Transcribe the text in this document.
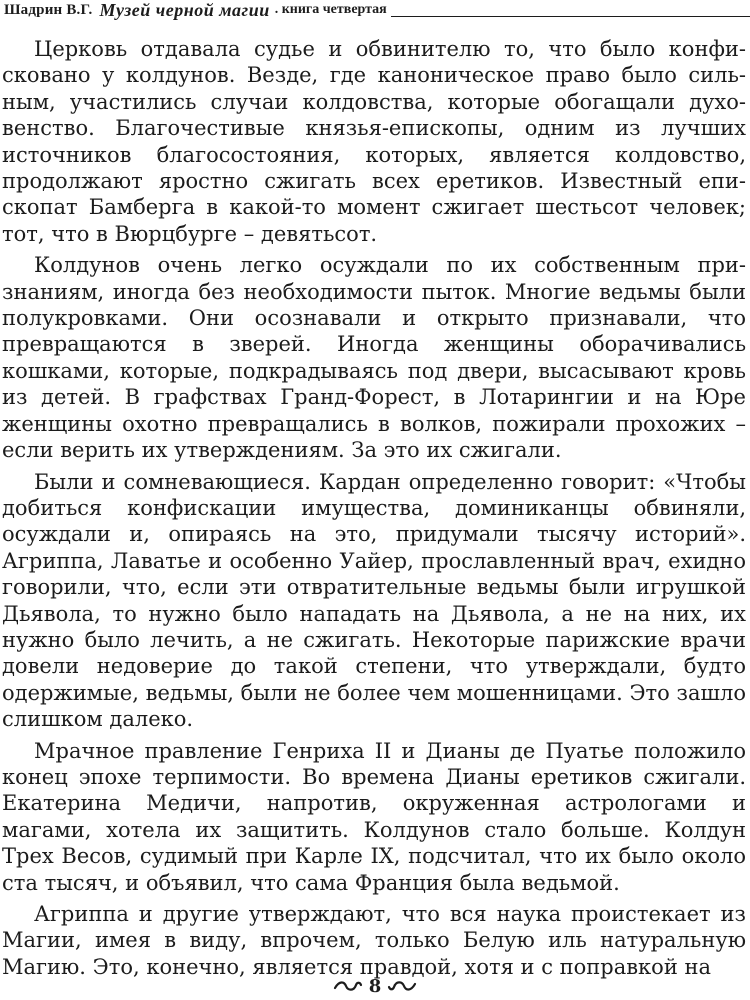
Шадрин В.Г. Музей черной магии . книга четвертая

Церковь отдавала судье и обвинителю то, что было конфисковано у колдунов. Везде, где каноническое право было сильным, участились случаи колдовства, которые обогащали духовенство. Благочестивые князья-епископы, одним из лучших источников благосостояния, которых, является колдовство, продолжают яростно сжигать всех еретиков. Известный епископат Бамберга в какой-то момент сжигает шестьсот человек; тот, что в Вюрцбурге – девятьсот.

Колдунов очень легко осуждали по их собственным признаниям, иногда без необходимости пыток. Многие ведьмы были полукровками. Они осознавали и открыто признавали, что превращаются в зверей. Иногда женщины оборачивались кошками, которые, подкрадываясь под двери, высасывают кровь из детей. В графствах Гранд-Форест, в Лотарингии и на Юре женщины охотно превращались в волков, пожирали прохожих – если верить их утверждениям. За это их сжигали.

Были и сомневающиеся. Кардан определенно говорит: «Чтобы добиться конфискации имущества, доминиканцы обвиняли, осуждали и, опираясь на это, придумали тысячу историй». Агриппа, Лаватье и особенно Уайер, прославленный врач, ехидно говорили, что, если эти отвратительные ведьмы были игрушкой Дьявола, то нужно было нападать на Дьявола, а не на них, их нужно было лечить, а не сжигать. Некоторые парижские врачи довели недоверие до такой степени, что утверждали, будто одержимые, ведьмы, были не более чем мошенницами. Это зашло слишком далеко.

Мрачное правление Генриха II и Дианы де Пуатье положило конец эпохе терпимости. Во времена Дианы еретиков сжигали. Екатерина Медичи, напротив, окруженная астрологами и магами, хотела их защитить. Колдунов стало больше. Колдун Трех Весов, судимый при Карле IX, подсчитал, что их было около ста тысяч, и объявил, что сама Франция была ведьмой.

Агриппа и другие утверждают, что вся наука проистекает из Магии, имея в виду, впрочем, только Белую иль натуральную Магию. Это, конечно, является правдой, хотя и с поправкой на

8
